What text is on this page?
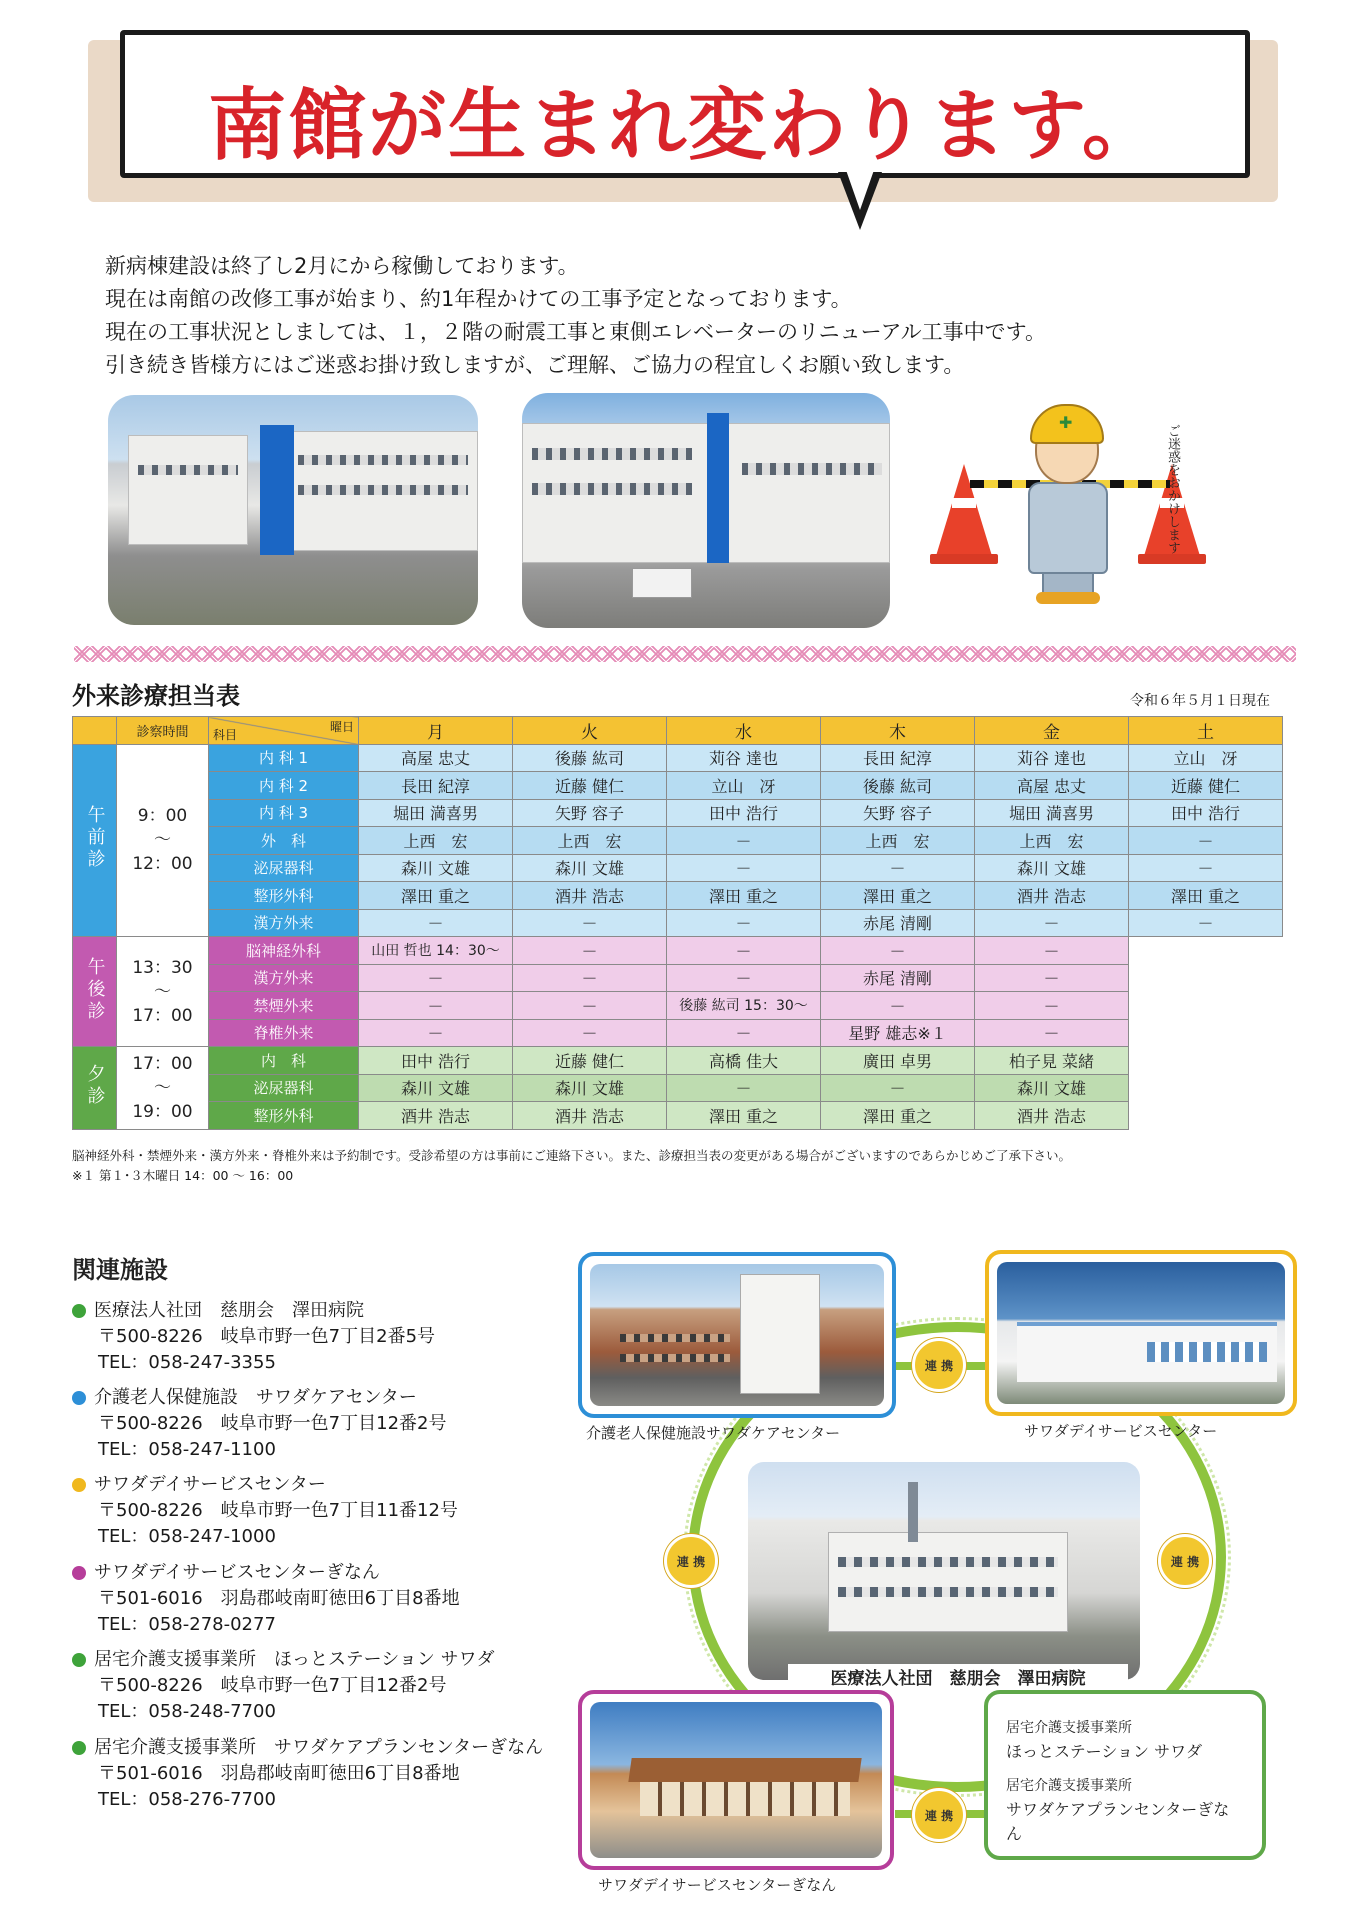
南館が生まれ変わります。
新病棟建設は終了し2月にから稼働しております。
現在は南館の改修工事が始まり、約1年程かけての工事予定となっております。
現在の工事状況としましては、１，２階の耐震工事と東側エレベーターのリニューアル工事中です。
引き続き皆様方にはご迷惑お掛け致しますが、ご理解、ご協力の程宜しくお願い致します。
✚
ご迷惑をおかけします
外来診療担当表	令和６年５月１日現在
	診察時間	曜日
科目	月	火	水	木	金	土
午前診	9：00
〜
12：00	内 科 1	高屋 忠丈	後藤 紘司	苅谷 達也	長田 紀淳	苅谷 達也	立山　冴
		内 科 2	長田 紀淳	近藤 健仁	立山　冴	後藤 紘司	高屋 忠丈	近藤 健仁
		内 科 3	堀田 満喜男	矢野 容子	田中 浩行	矢野 容子	堀田 満喜男	田中 浩行
		外　科	上西　宏	上西　宏	－	上西　宏	上西　宏	－
		泌尿器科	森川 文雄	森川 文雄	－	－	森川 文雄	－
		整形外科	澤田 重之	酒井 浩志	澤田 重之	澤田 重之	酒井 浩志	澤田 重之
		漢方外来	－	－	－	赤尾 清剛	－	－
午後診	13：30
〜
17：00	脳神経外科	山田 哲也 14：30～	－	－	－	－	
		漢方外来	－	－	－	赤尾 清剛	－	
		禁煙外来	－	－	後藤 紘司 15：30～	－	－	
		脊椎外来	－	－	－	星野 雄志※１	－	
夕診	17：00
〜
19：00	内　科	田中 浩行	近藤 健仁	高橋 佳大	廣田 卓男	柏子見 菜緒	
		泌尿器科	森川 文雄	森川 文雄	－	－	森川 文雄	
		整形外科	酒井 浩志	酒井 浩志	澤田 重之	澤田 重之	酒井 浩志	
脳神経外科・禁煙外来・漢方外来・脊椎外来は予約制です。受診希望の方は事前にご連絡下さい。また、診療担当表の変更がある場合がございますのであらかじめご了承下さい。
※１ 第１･３木曜日 14：00 ～ 16：00
関連施設
医療法人社団　慈朋会　澤田病院
〒500-8226　岐阜市野一色7丁目2番5号
TEL：058-247-3355
介護老人保健施設　サワダケアセンター
〒500-8226　岐阜市野一色7丁目12番2号
TEL：058-247-1100
サワダデイサービスセンター
〒500-8226　岐阜市野一色7丁目11番12号
TEL：058-247-1000
サワダデイサービスセンターぎなん
〒501-6016　羽島郡岐南町徳田6丁目8番地
TEL：058-278-0277
居宅介護支援事業所　ほっとステーション サワダ
〒500-8226　岐阜市野一色7丁目12番2号
TEL：058-248-7700
居宅介護支援事業所　サワダケアプランセンターぎなん
〒501-6016　羽島郡岐南町徳田6丁目8番地
TEL：058-276-7700
介護老人保健施設サワダケアセンター	サワダデイサービスセンター
医療法人社団　慈朋会　澤田病院
サワダデイサービスセンターぎなん
居宅介護支援事業所
ほっとステーション サワダ
居宅介護支援事業所
サワダケアプランセンターぎなん
連 携
連 携	連 携
連 携
